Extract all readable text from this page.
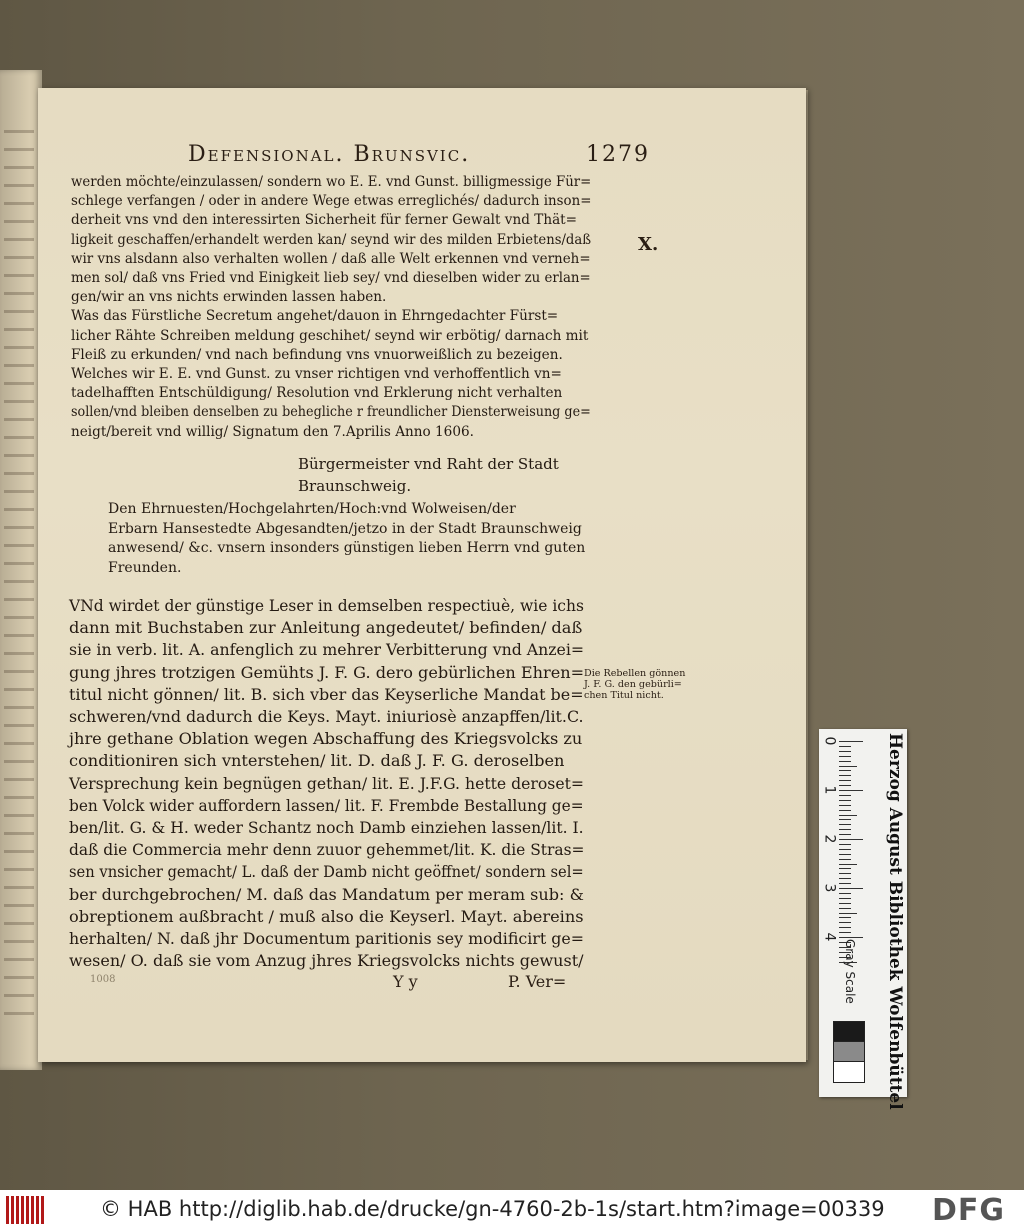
Defensional. Brunsvic.	1279
X.
werden möchte/einzulassen/ sondern wo E. E. vnd Gunst. billigmessige Für=
schlege verfangen / oder in andere Wege etwas erreglichés/ dadurch inson=
derheit vns vnd den interessirten Sicherheit für ferner Gewalt vnd Thät=
ligkeit geschaffen/erhandelt werden kan/ seynd wir des milden Erbietens/daß
wir vns alsdann also verhalten wollen / daß alle Welt erkennen vnd verneh=
men sol/ daß vns Fried vnd Einigkeit lieb sey/ vnd dieselben wider zu erlan=
gen/wir an vns nichts erwinden lassen haben.
Was das Fürstliche Secretum angehet/dauon in Ehrngedachter Fürst=
licher Rähte Schreiben meldung geschihet/ seynd wir erbötig/ darnach mit
Fleiß zu erkunden/ vnd nach befindung vns vnuorweißlich zu bezeigen.
Welches wir E. E. vnd Gunst. zu vnser richtigen vnd verhoffentlich vn=
tadelhafften Entschüldigung/ Resolution vnd Erklerung nicht verhalten
sollen/vnd bleiben denselben zu behegliche r freundlicher Diensterweisung ge=
neigt/bereit vnd willig/ Signatum den 7.Aprilis Anno 1606.
Bürgermeister vnd Raht der Stadt
Braunschweig.
Den Ehrnuesten/Hochgelahrten/Hoch:vnd Wolweisen/der
Erbarn Hansestedte Abgesandten/jetzo in der Stadt Braunschweig
anwesend/ &c. vnsern insonders günstigen lieben Herrn vnd guten
Freunden.
VNd wirdet der günstige Leser in demselben respectiuè, wie ichs
dann mit Buchstaben zur Anleitung angedeutet/ befinden/ daß
sie in verb. lit. A. anfenglich zu mehrer Verbitterung vnd Anzei=
gung jhres trotzigen Gemühts J. F. G. dero gebürlichen Ehren=
titul nicht gönnen/ lit. B. sich vber das Keyserliche Mandat be=
schweren/vnd dadurch die Keys. Mayt. iniuriosè anzapffen/lit.C.
jhre gethane Oblation wegen Abschaffung des Kriegsvolcks zu
conditioniren sich vnterstehen/ lit. D. daß J. F. G. deroselben
Versprechung kein begnügen gethan/ lit. E. J.F.G. hette deroset=
ben Volck wider auffordern lassen/ lit. F. Frembde Bestallung ge=
ben/lit. G. & H. weder Schantz noch Damb einziehen lassen/lit. I.
daß die Commercia mehr denn zuuor gehemmet/lit. K. die Stras=
sen vnsicher gemacht/ L. daß der Damb nicht geöffnet/ sondern sel=
ber durchgebrochen/ M. daß das Mandatum per meram sub: &
obreptionem außbracht / muß also die Keyserl. Mayt. abereins
herhalten/ N. daß jhr Documentum paritionis sey modificirt ge=
wesen/ O. daß sie vom Anzug jhres Kriegsvolcks nichts gewust/
Die Rebellen gönnen
J. F. G. den gebürli=
chen Titul nicht.
1008	Y y	P. Ver=
0
1
2
3
4
Gray Scale	Herzog August Bibliothek Wolfenbüttel
© HAB http://diglib.hab.de/drucke/gn-4760-2b-1s/start.htm?image=00339 DFG
